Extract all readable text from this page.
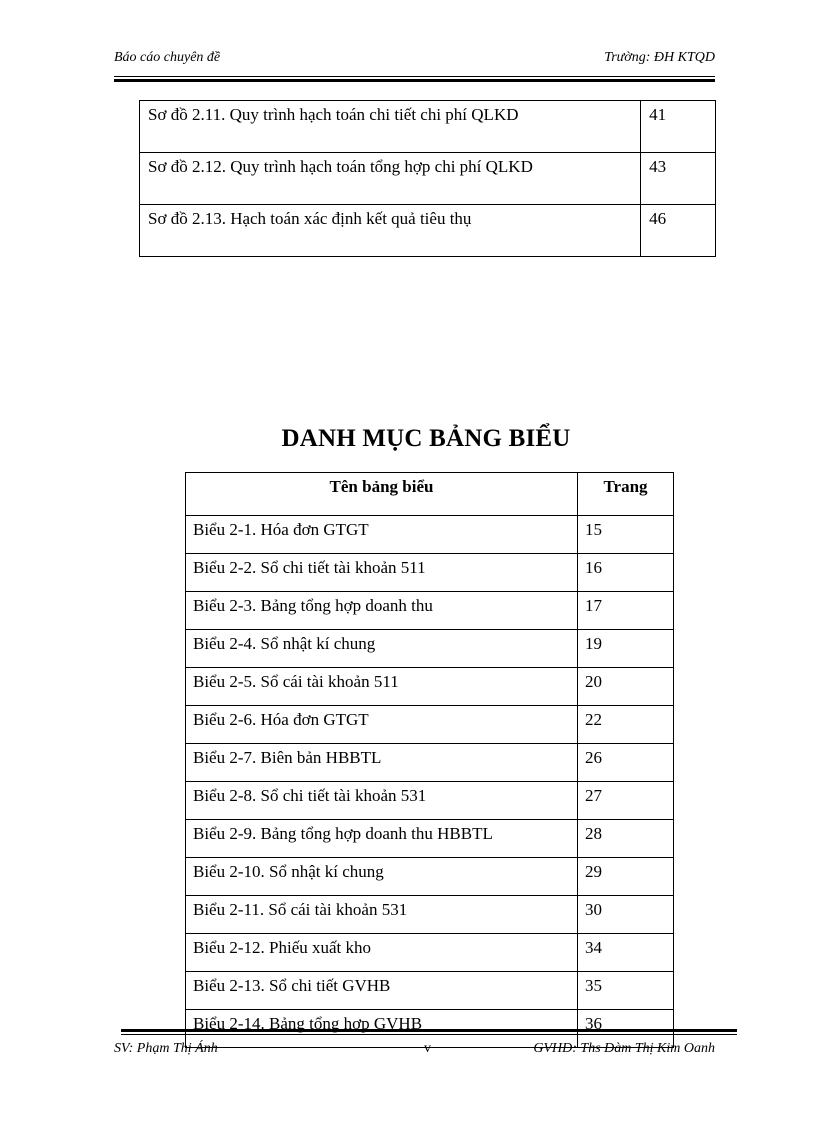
Báo cáo chuyên đề	Trường: ĐH KTQD
Sơ đồ 2.11. Quy trình hạch toán chi tiết chi phí QLKD	41
Sơ đồ 2.12. Quy trình hạch toán tổng hợp chi phí QLKD	43
Sơ đồ 2.13. Hạch toán xác định kết quả tiêu thụ	46
DANH MỤC BẢNG BIỂU
Tên bảng biểu	Trang
Biểu 2-1. Hóa đơn GTGT	15
Biểu 2-2. Sổ chi tiết tài khoản 511	16
Biểu 2-3. Bảng tổng hợp doanh thu	17
Biểu 2-4. Sổ nhật kí chung	19
Biểu 2-5. Sổ cái tài khoản 511	20
Biểu 2-6. Hóa đơn GTGT	22
Biểu 2-7. Biên bản HBBTL	26
Biểu 2-8. Sổ chi tiết tài khoản 531	27
Biểu 2-9. Bảng tổng hợp doanh thu HBBTL	28
Biểu 2-10. Sổ nhật kí chung	29
Biểu 2-11. Sổ cái tài khoản 531	30
Biểu 2-12. Phiếu xuất kho	34
Biểu 2-13. Sổ chi tiết GVHB	35
Biểu 2-14. Bảng tổng hợp GVHB	36
SV: Phạm Thị Ánh	v	GVHD: Ths Đàm Thị Kim Oanh
